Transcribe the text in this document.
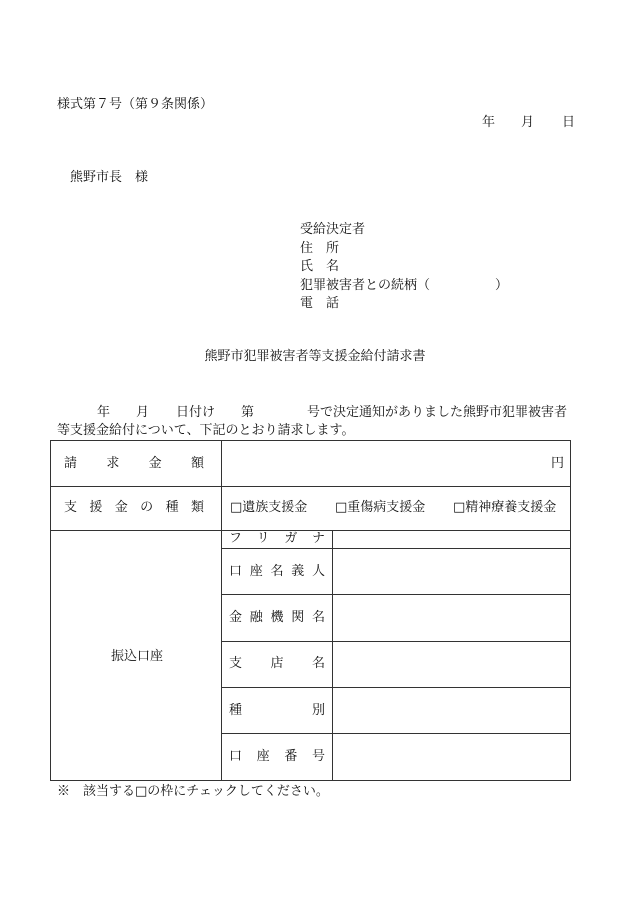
様式第７号（第９条関係）
年 月 日
熊野市長　様
受給決定者
住　所
氏　名
犯罪被害者との続柄（　　　　　）
電　話
熊野市犯罪被害者等支援金給付請求書
年 月 日付け 第	号で決定通知がありました熊野市犯罪被害者
等支援金給付について、下記のとおり請求します。
請 求 金 額	円
支 援 金 の 種 類 □遺族支援金 □重傷病支援金 □精神療養支援金
振込口座
フ リ ガ ナ
口 座 名 義 人
金 融 機 関 名
支 店 名
種	別
口 座 番 号
※　該当する□の枠にチェックしてください。
